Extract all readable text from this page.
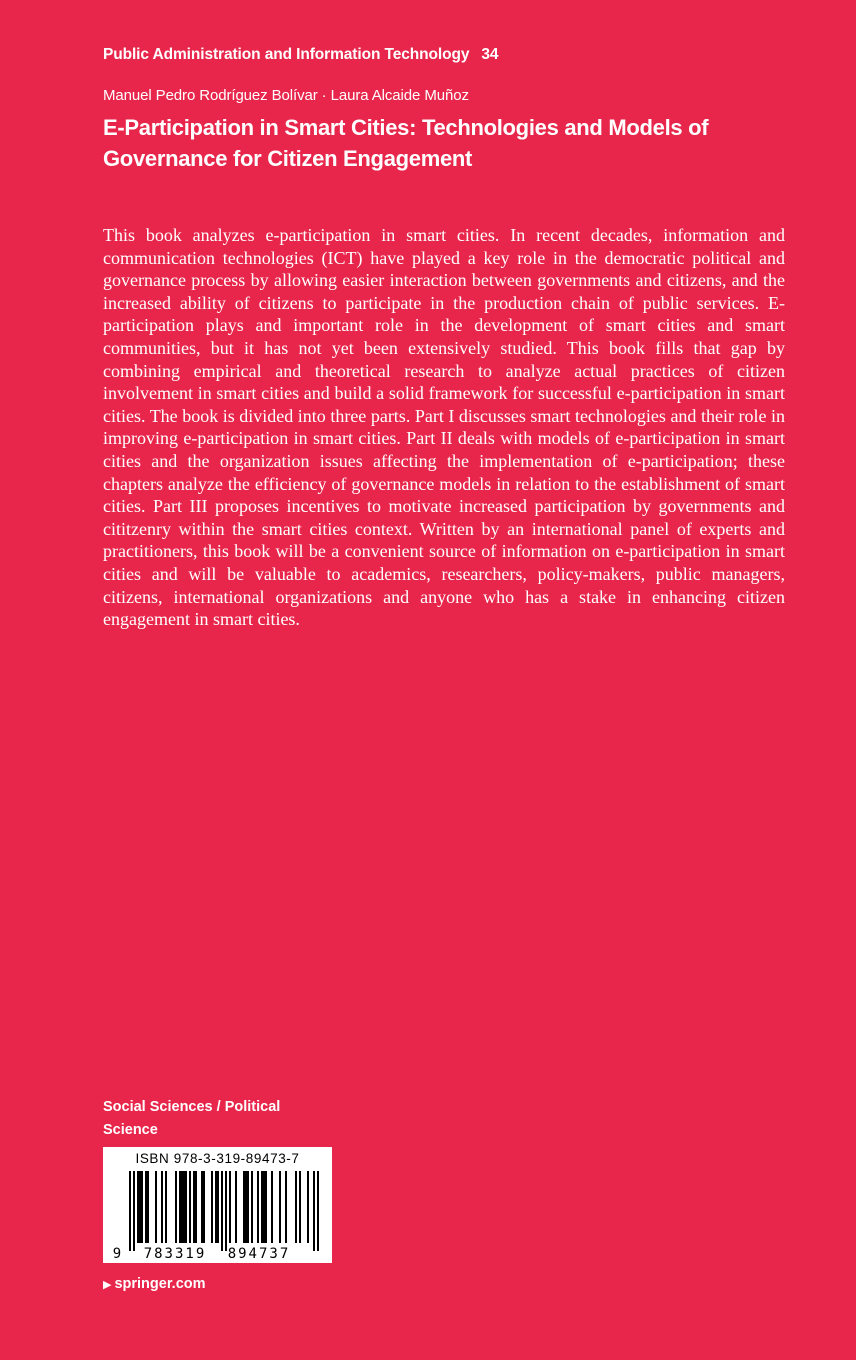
Public Administration and Information Technology 34
Manuel Pedro Rodríguez Bolívar · Laura Alcaide Muñoz
E-Participation in Smart Cities: Technologies and Models of
Governance for Citizen Engagement

This book analyzes e-participation in smart cities. In recent decades, information and communication technologies (ICT) have played a key role in the democratic political and governance process by allowing easier interaction between governments and citizens, and the increased ability of citizens to participate in the production chain of public services. E-participation plays and important role in the development of smart cities and smart communities, but it has not yet been extensively studied. This book fills that gap by combining empirical and theoretical research to analyze actual practices of citizen involvement in smart cities and build a solid framework for successful e-participation in smart cities. The book is divided into three parts. Part I discusses smart technologies and their role in improving e-participation in smart cities. Part II deals with models of e-participation in smart cities and the organization issues affecting the implementation of e-participation; these chapters analyze the efficiency of governance models in relation to the establishment of smart cities. Part III proposes incentives to motivate increased participation by governments and cititzenry within the smart cities context. Written by an international panel of experts and practitioners, this book will be a convenient source of information on e-participation in smart cities and will be valuable to academics, researchers, policy-makers, public managers, citizens, international organizations and anyone who has a stake in enhancing citizen engagement in smart cities.

Social Sciences / Political
Science
9 783319 894737
ISBN 978-3-319-89473-7
▶ springer.com
